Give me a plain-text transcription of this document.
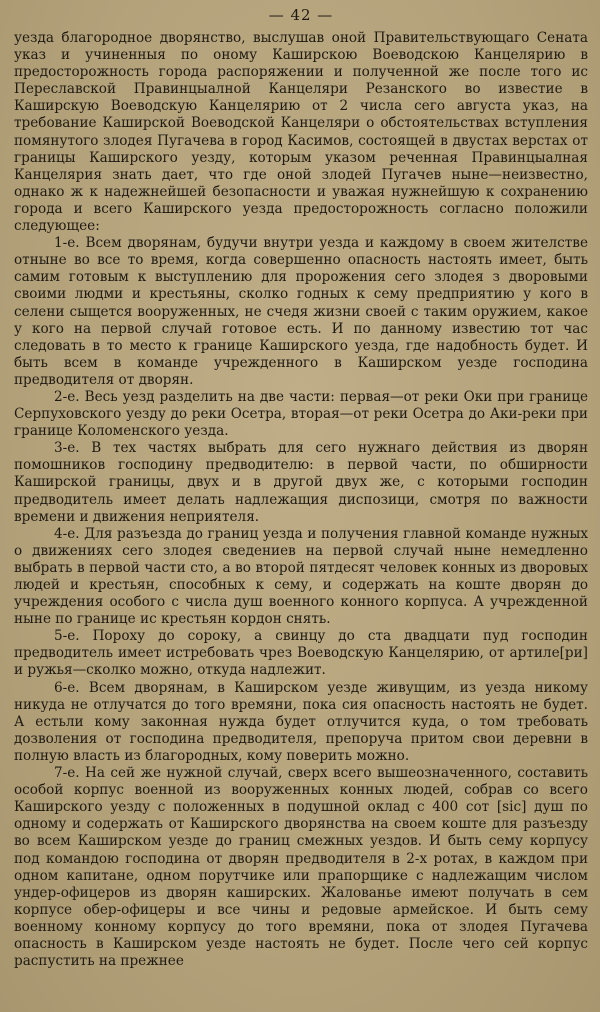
— 42 —

уезда благородное дворянство, выслушав оной Правительствующаго Сената указ и учиненныя по оному Каширскою Воеводскою Канцелярию в предосторожность города распоряжении и полученной же после того ис Переславской Правинцыалной Канцеляри Резанского во известие в Каширскую Воеводскую Канцелярию от 2 числа сего августа указ, на требование Каширской Воеводской Канцеляри о обстоятельствах вступления помянутого злодея Пугачева в город Касимов, состоящей в двустах верстах от границы Каширского уезду, которым указом реченная Правинцыалная Канцелярия знать дает, что где оной злодей Пугачев ныне—неизвестно, однако ж к надежнейшей безопасности и уважая нужнейшую к сохранению города и всего Каширского уезда предосторожность согласно положили следующее:

1-е. Всем дворянам, будучи внутри уезда и каждому в своем жителстве отныне во все то время, когда совершенно опасность настоять имеет, быть самим готовым к выступлению для пророжения сего злодея з дворовыми своими людми и крестьяны, сколко годных к сему предприятию у кого в селени сыщется вооруженных, не счедя жизни своей с таким оружием, какое у кого на первой случай готовое есть. И по данному известию тот час следовать в то место к границе Каширского уезда, где надобность будет. И быть всем в команде учрежденного в Каширском уезде господина предводителя от дворян.

2-е. Весь уезд разделить на две части: первая—от реки Оки при границе Серпуховского уезду до реки Осетра, вторая—от реки Осетра до Аки-реки при границе Коломенского уезда.

3-е. В тех частях выбрать для сего нужнаго действия из дворян помошников господину предводителю: в первой части, по обширности Каширской границы, двух и в другой двух же, с которыми господин предводитель имеет делать надлежащия диспозици, смотря по важности времени и движения неприятеля.

4-е. Для разъезда до границ уезда и получения главной команде нужных о движениях сего злодея сведениев на первой случай ныне немедленно выбрать в первой части сто, а во второй пятдесят человек конных из дворовых людей и крестьян, способных к сему, и содержать на коште дворян до учреждения особого с числа душ военного конного корпуса. А учрежденной ныне по границе ис крестьян кордон снять.

5-е. Пороху до сороку, а свинцу до ста двадцати пуд господин предводитель имеет истребовать чрез Воеводскую Канцелярию, от артиле[ри] и ружья—сколко можно, откуда надлежит.

6-е. Всем дворянам, в Каширском уезде живущим, из уезда никому никуда не отлучатся до того времяни, пока сия опасность настоять не будет. А естьли кому законная нужда будет отлучится куда, о том требовать дозволения от господина предводителя, препоруча притом свои деревни в полную власть из благородных, кому поверить можно.

7-е. На сей же нужной случай, сверх всего вышеозначенного, составить особой корпус военной из вооруженных конных людей, собрав со всего Каширского уезду с положенных в подушной оклад с 400 сот [sic] душ по одному и содержать от Каширского дворянства на своем коште для разъезду во всем Каширском уезде до границ смежных уездов. И быть сему корпусу под командою господина от дворян предводителя в 2-х ротах, в каждом при одном капитане, одном порутчике или прапорщике с надлежащим числом ундер-офицеров из дворян каширских. Жалованье имеют получать в сем корпусе обер-офицеры и все чины и редовые армейское. И быть сему военному конному корпусу до того времяни, пока от злодея Пугачева опасность в Каширском уезде настоять не будет. После чего сей корпус распустить на прежнее
